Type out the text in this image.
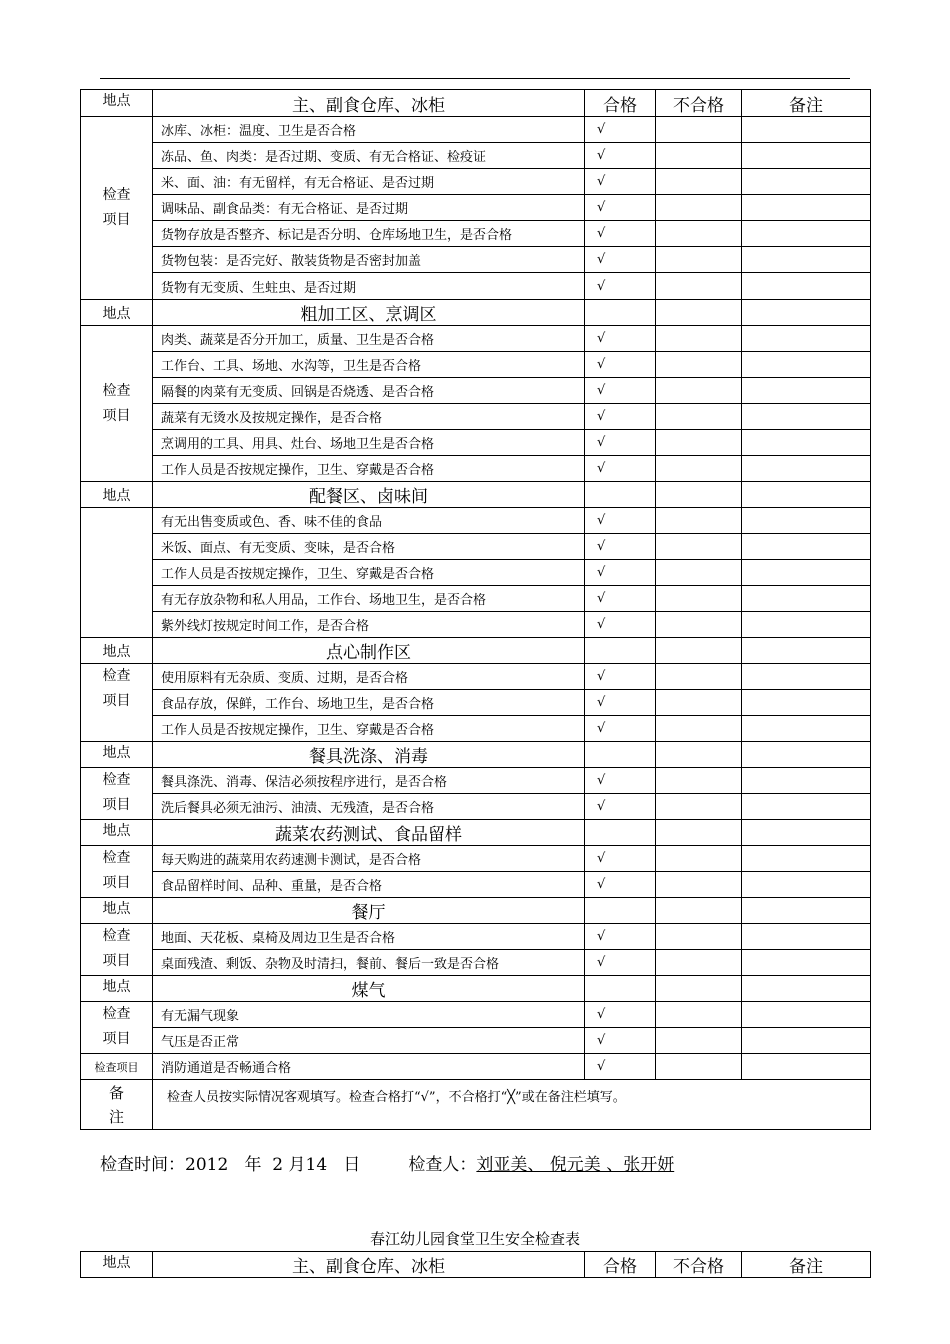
地点	主、副食仓库、冰柜	合格	不合格	备注
检查
项目	冰库、冰柜：温度、卫生是否合格	√		
	冻品、鱼、肉类：是否过期、变质、有无合格证、检疫证	√		
	米、面、油：有无留样，有无合格证、是否过期	√		
	调味品、副食品类：有无合格证、是否过期	√		
	货物存放是否整齐、标记是否分明、仓库场地卫生，是否合格	√		
	货物包装：是否完好、散装货物是否密封加盖	√		
	货物有无变质、生蛀虫、是否过期	√		
地点	粗加工区、烹调区			
检查
项目	肉类、蔬菜是否分开加工，质量、卫生是否合格	√		
	工作台、工具、场地、水沟等，卫生是否合格	√		
	隔餐的肉菜有无变质、回锅是否烧透、是否合格	√		
	蔬菜有无烫水及按规定操作，是否合格	√		
	烹调用的工具、用具、灶台、场地卫生是否合格	√		
	工作人员是否按规定操作，卫生、穿戴是否合格	√		
地点	配餐区、卤味间			
	有无出售变质或色、香、味不佳的食品	√		
	米饭、面点、有无变质、变味，是否合格	√		
	工作人员是否按规定操作，卫生、穿戴是否合格	√		
	有无存放杂物和私人用品，工作台、场地卫生，是否合格	√		
	紫外线灯按规定时间工作，是否合格	√		
地点	点心制作区			
检查
项目	使用原料有无杂质、变质、过期，是否合格	√		
	食品存放，保鲜，工作台、场地卫生，是否合格	√		
	工作人员是否按规定操作，卫生、穿戴是否合格	√		
地点	餐具洗涤、消毒			
检查
项目	餐具涤洗、消毒、保洁必须按程序进行，是否合格	√		
	洗后餐具必须无油污、油渍、无残渣，是否合格	√		
地点	蔬菜农药测试、食品留样			
检查
项目	每天购进的蔬菜用农药速测卡测试，是否合格	√		
	食品留样时间、品种、重量，是否合格	√		
地点	餐厅			
检查
项目	地面、天花板、桌椅及周边卫生是否合格	√		
	桌面残渣、剩饭、杂物及时清扫，餐前、餐后一致是否合格	√		
地点	煤气			
检查
项目	有无漏气现象	√		
	气压是否正常	√		
检查项目	消防通道是否畅通合格	√		
备
注	检查人员按实际情况客观填写。检查合格打“√”，不合格打“╳”或在备注栏填写。			
检查时间：2012 年 2 月14 日	检查人：刘亚美、 倪元美 、张开妍
春江幼儿园食堂卫生安全检查表
地点	主、副食仓库、冰柜	合格	不合格	备注
